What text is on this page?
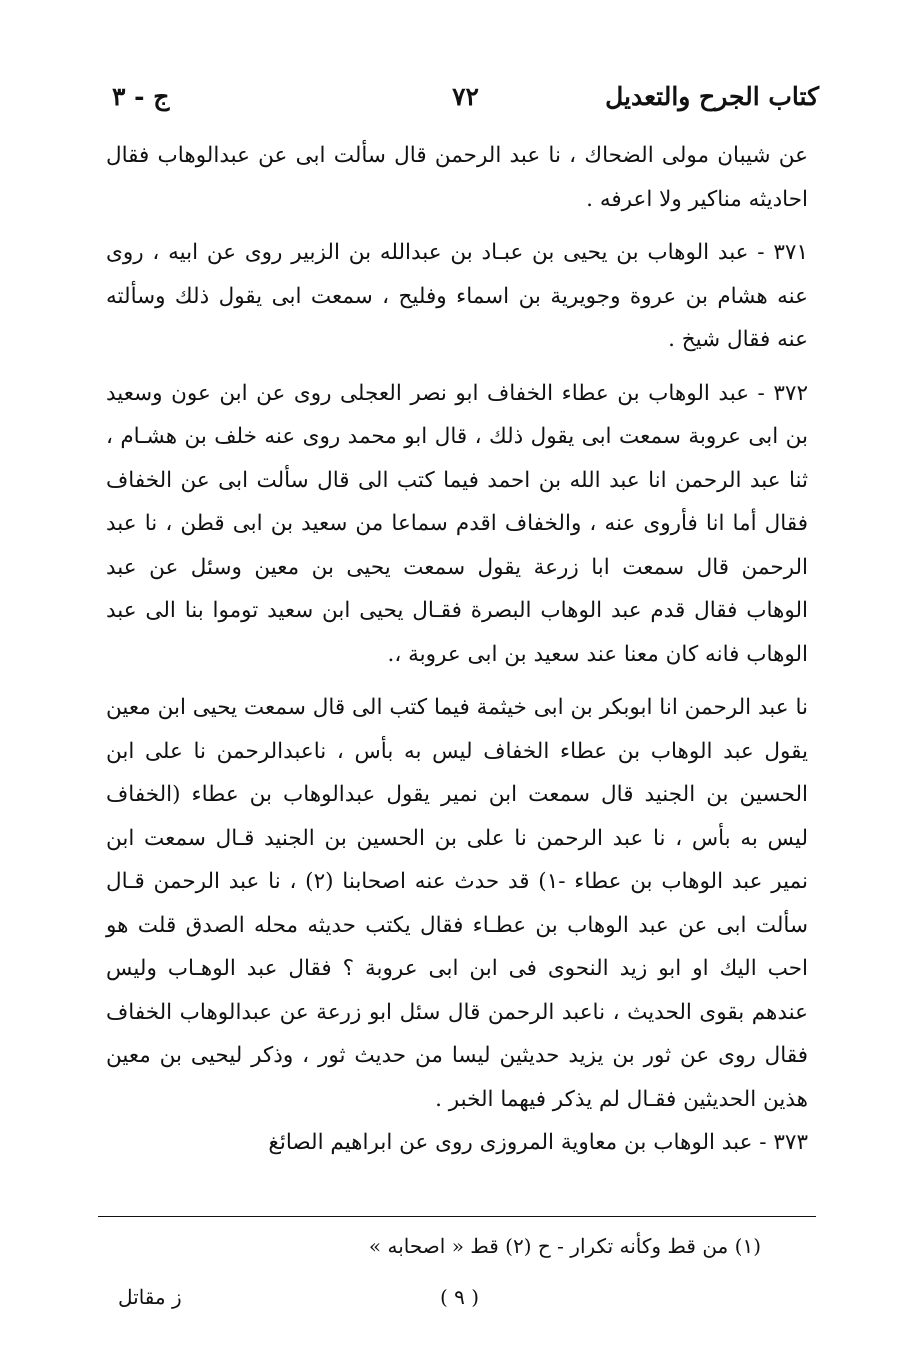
كتاب الجرح والتعديل
٧٢
ج - ٣

عن شيبان مولى الضحاك ، نا عبد الرحمن قال سألت ابى عن عبدالوهاب فقال احاديثه مناكير ولا اعرفه .

٣٧١ - عبد الوهاب بن يحيى بن عبـاد بن عبدالله بن الزبير روى عن ابيه ، روى عنه هشام بن عروة وجويرية بن اسماء وفليح ، سمعت ابى يقول ذلك وسألته عنه فقال شيخ .

٣٧٢ - عبد الوهاب بن عطاء الخفاف ابو نصر العجلى روى عن ابن عون وسعيد بن ابى عروبة سمعت ابى يقول ذلك ، قال ابو محمد روى عنه خلف بن هشـام ، ثنا عبد الرحمن انا عبد الله بن احمد فيما كتب الى قال سألت ابى عن الخفاف فقال أما انا فأروى عنه ، والخفاف اقدم سماعا من سعيد بن ابى قطن ، نا عبد الرحمن قال سمعت ابا زرعة يقول سمعت يحيى بن معين وسئل عن عبد الوهاب فقال قدم عبد الوهاب البصرة فقـال يحيى ابن سعيد توموا بنا الى عبد الوهاب فانه كان معنا عند سعيد بن ابى عروبة ،.

نا عبد الرحمن انا ابوبكر بن ابى خيثمة فيما كتب الى قال سمعت يحيى ابن معين يقول عبد الوهاب بن عطاء الخفاف ليس به بأس ، ناعبدالرحمن نا على ابن الحسين بن الجنيد قال سمعت ابن نمير يقول عبدالوهاب بن عطاء (الخفاف ليس به بأس ، نا عبد الرحمن نا على بن الحسين بن الجنيد قـال سمعت ابن نمير عبد الوهاب بن عطاء -١) قد حدث عنه اصحابنا (٢) ، نا عبد الرحمن قـال سألت ابى عن عبد الوهاب بن عطـاء فقال يكتب حديثه محله الصدق قلت هو احب اليك او ابو زيد النحوى فى ابن ابى عروبة ؟ فقال عبد الوهـاب وليس عندهم بقوى الحديث ، ناعبد الرحمن قال سئل ابو زرعة عن عبدالوهاب الخفاف فقال روى عن ثور بن يزيد حديثين ليسا من حديث ثور ، وذكر ليحيى بن معين هذين الحديثين فقـال لم يذكر فيهما الخبر .

٣٧٣ - عبد الوهاب بن معاوية المروزى روى عن ابراهيم الصائغ

(١) من قط وكأنه تكرار - ح (٢) قط « اصحابه »
( ٩ )
ز مقاتل
